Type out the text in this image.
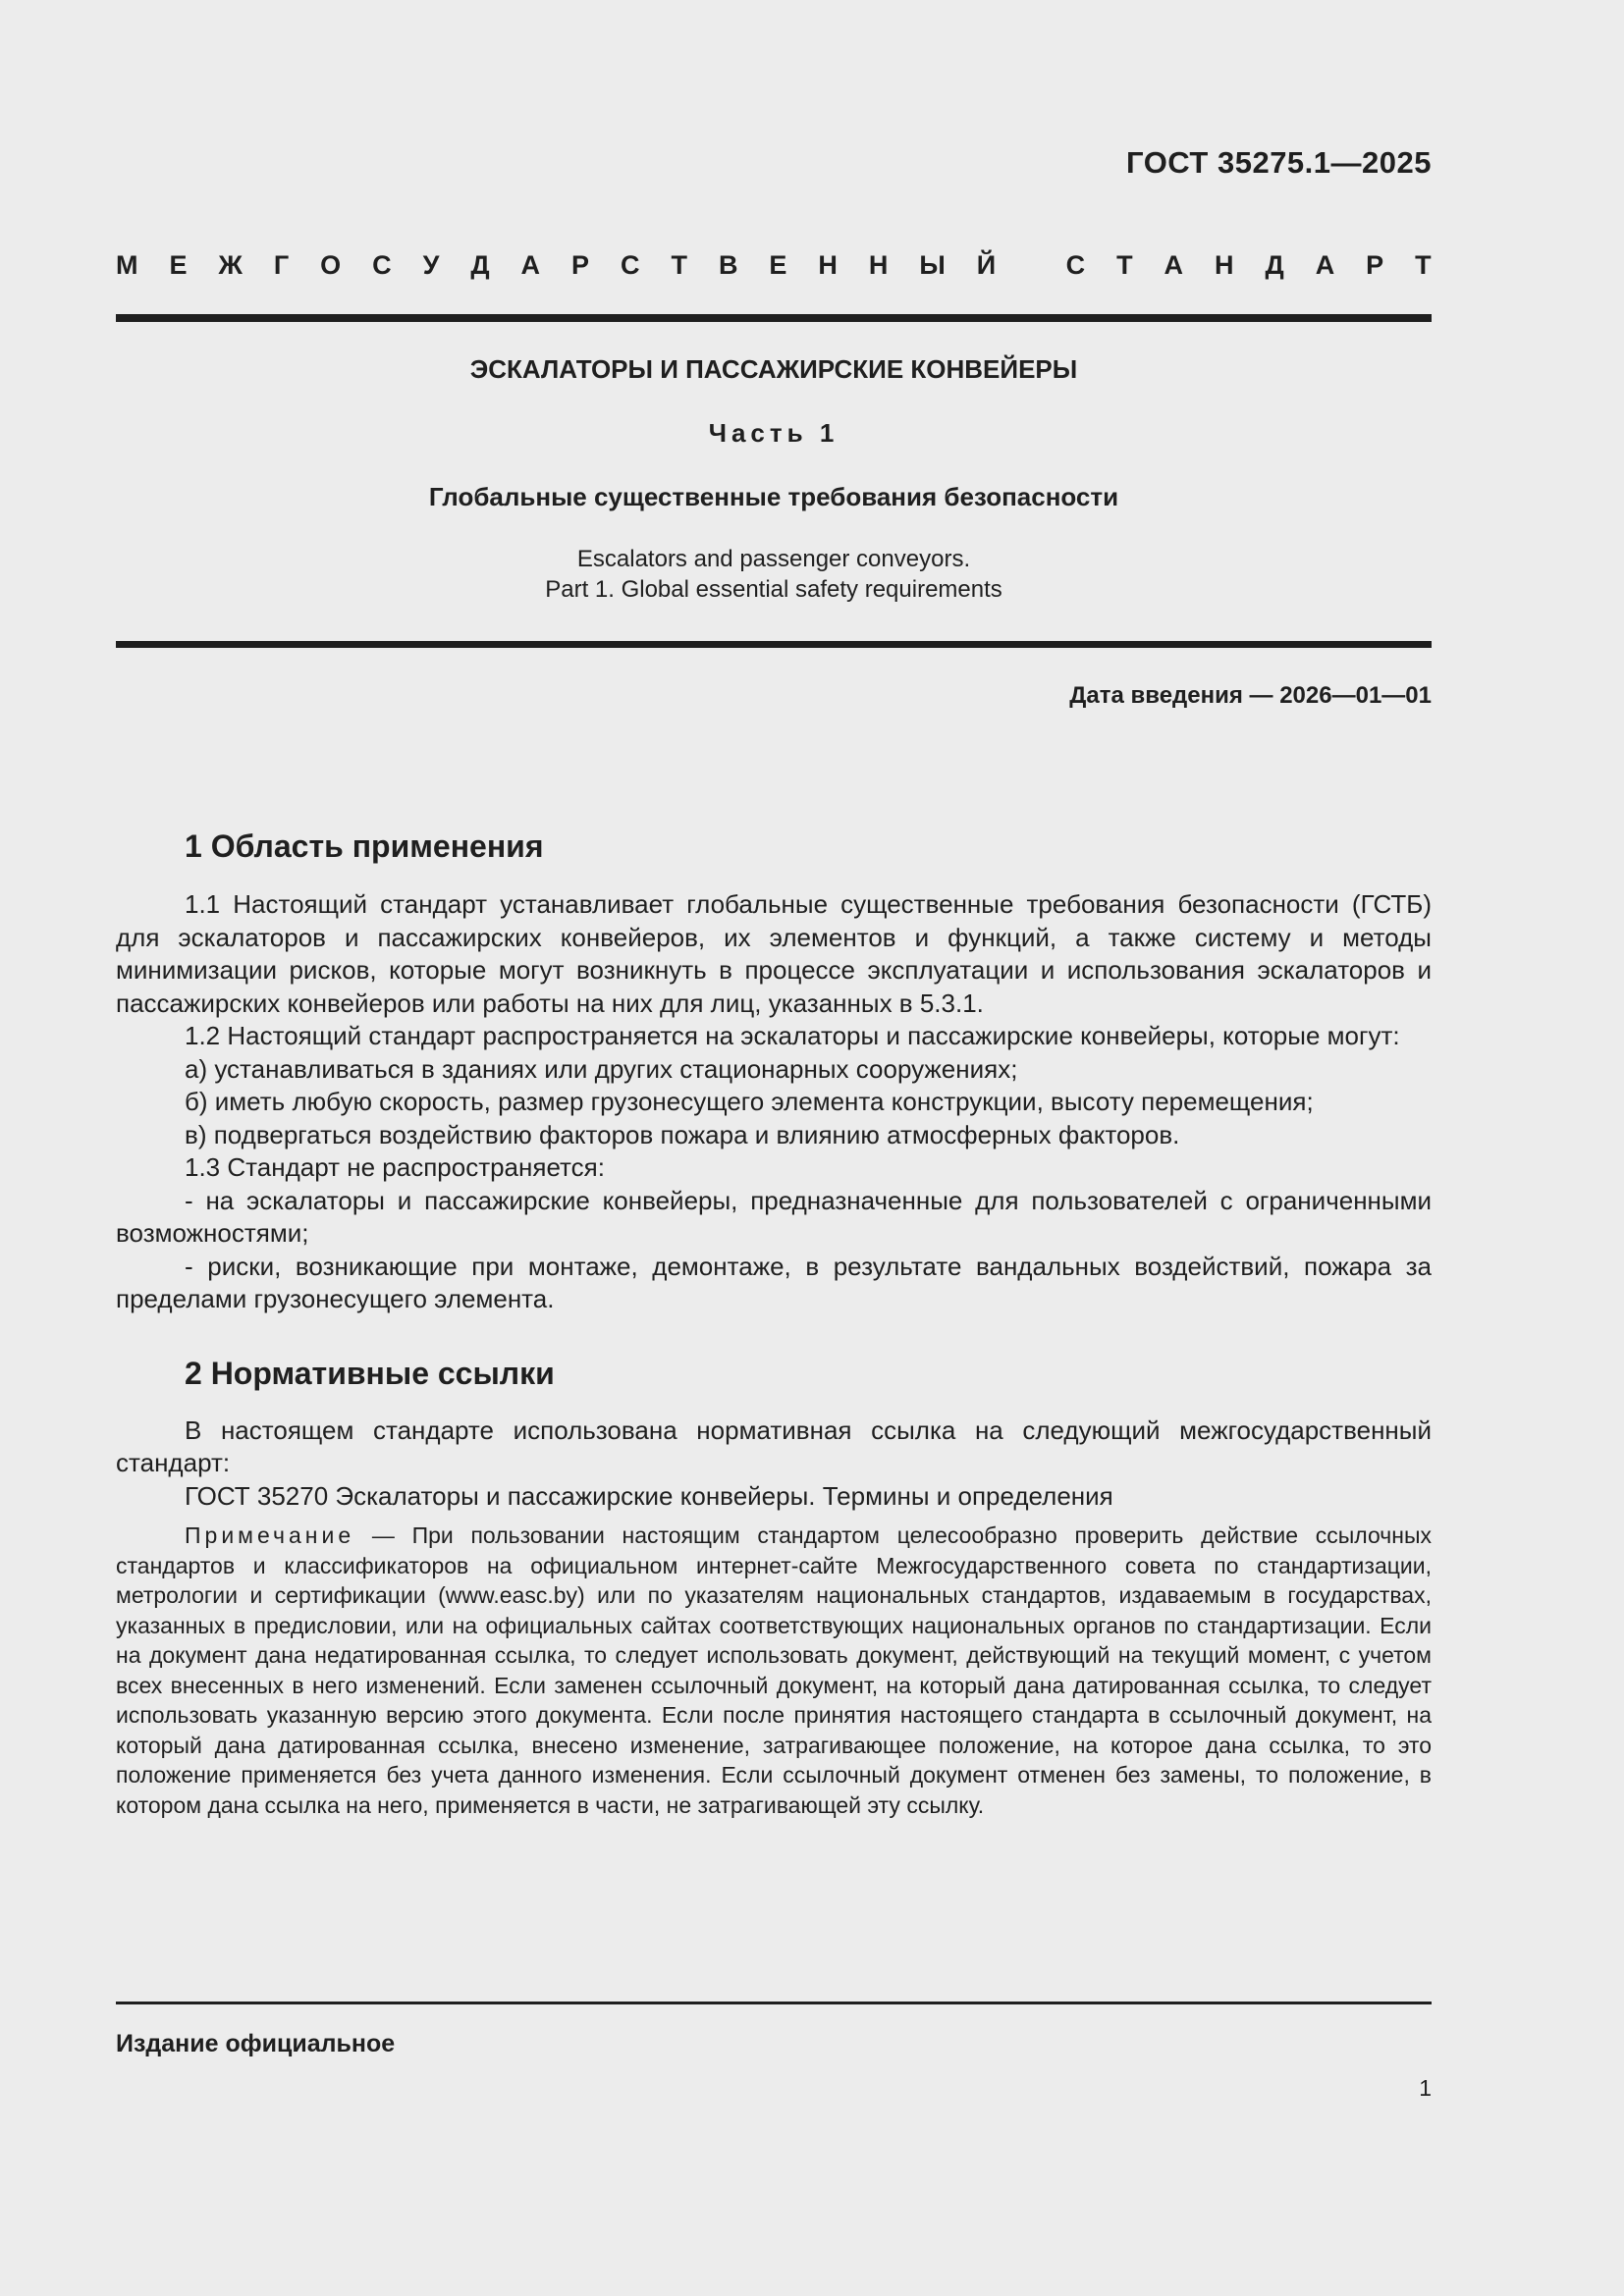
ГОСТ 35275.1—2025
М Е Ж Г О С У Д А Р С Т В Е Н Н Ы Й
	С Т А Н Д А Р Т
ЭСКАЛАТОРЫ И ПАССАЖИРСКИЕ КОНВЕЙЕРЫ
Часть 1
Глобальные существенные требования безопасности
Escalators and passenger conveyors.
Part 1. Global essential safety requirements
Дата введения — 2026—01—01
1 Область применения

1.1 Настоящий стандарт устанавливает глобальные существенные требования безопасности (ГСТБ) для эскалаторов и пассажирских конвейеров, их элементов и функций, а также систему и методы минимизации рисков, которые могут возникнуть в процессе эксплуатации и использования эскалаторов и пассажирских конвейеров или работы на них для лиц, указанных в 5.3.1.

1.2 Настоящий стандарт распространяется на эскалаторы и пассажирские конвейеры, которые могут:

а) устанавливаться в зданиях или других стационарных сооружениях;

б) иметь любую скорость, размер грузонесущего элемента конструкции, высоту перемещения;

в) подвергаться воздействию факторов пожара и влиянию атмосферных факторов.

1.3 Стандарт не распространяется:

- на эскалаторы и пассажирские конвейеры, предназначенные для пользователей с ограниченными возможностями;

- риски, возникающие при монтаже, демонтаже, в результате вандальных воздействий, пожара за пределами грузонесущего элемента.

2 Нормативные ссылки

В настоящем стандарте использована нормативная ссылка на следующий межгосударственный стандарт:

ГОСТ 35270 Эскалаторы и пассажирские конвейеры. Термины и определения

Примечание — При пользовании настоящим стандартом целесообразно проверить действие ссылочных стандартов и классификаторов на официальном интернет-сайте Межгосударственного совета по стандартизации, метрологии и сертификации (www.easc.by) или по указателям национальных стандартов, издаваемым в государствах, указанных в предисловии, или на официальных сайтах соответствующих национальных органов по стандартизации. Если на документ дана недатированная ссылка, то следует использовать документ, действующий на текущий момент, с учетом всех внесенных в него изменений. Если заменен ссылочный документ, на который дана датированная ссылка, то следует использовать указанную версию этого документа. Если после принятия настоящего стандарта в ссылочный документ, на который дана датированная ссылка, внесено изменение, затрагивающее положение, на которое дана ссылка, то это положение применяется без учета данного изменения. Если ссылочный документ отменен без замены, то положение, в котором дана ссылка на него, применяется в части, не затрагивающей эту ссылку.

Издание официальное
1
